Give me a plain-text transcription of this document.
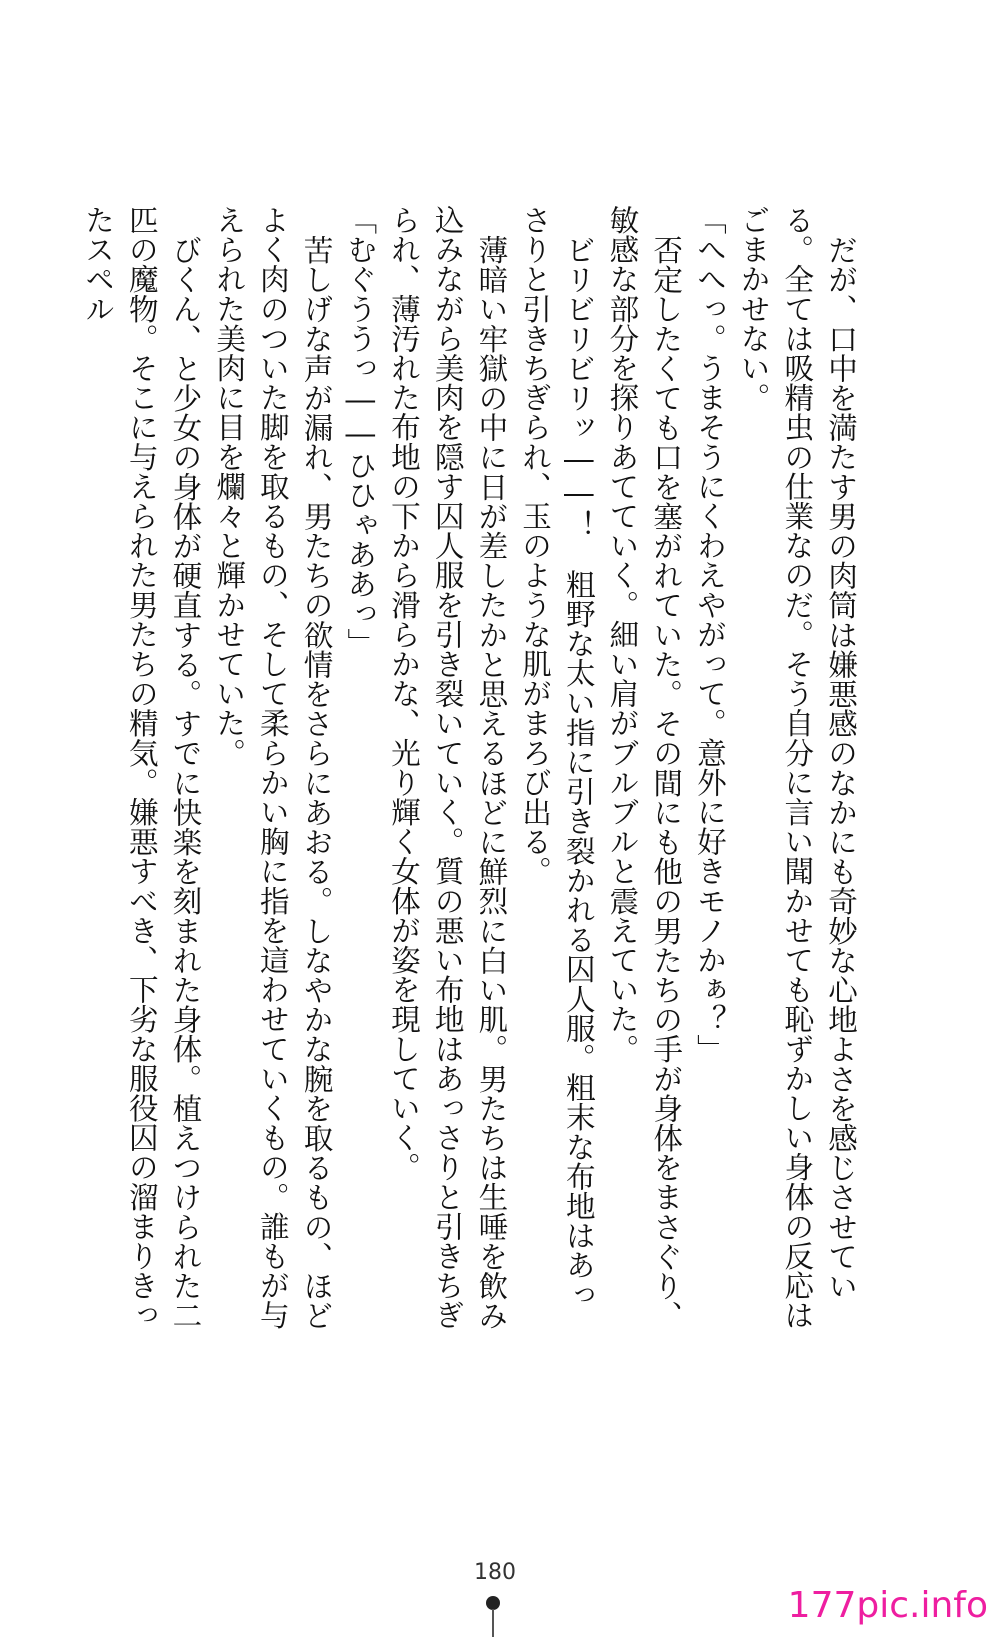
だが、口中を満たす男の肉筒は嫌悪感のなかにも奇妙な心地よさを感じさせている。全ては吸精虫の仕業なのだ。そう自分に言い聞かせても恥ずかしい身体の反応はごまかせない。

「へへっ。うまそうにくわえやがって。意外に好きモノかぁ？」

否定したくても口を塞がれていた。その間にも他の男たちの手が身体をまさぐり、敏感な部分を探りあてていく。細い肩がブルブルと震えていた。

ビリビリビリッ――！　粗野な太い指に引き裂かれる囚人服。粗末な布地はあっさりと引きちぎられ、玉のような肌がまろび出る。

薄暗い牢獄の中に日が差したかと思えるほどに鮮烈に白い肌。男たちは生唾を飲み込みながら美肉を隠す囚人服を引き裂いていく。質の悪い布地はあっさりと引きちぎられ、薄汚れた布地の下から滑らかな、光り輝く女体が姿を現していく。

「むぐううっ――ひひゃああっ」

苦しげな声が漏れ、男たちの欲情をさらにあおる。しなやかな腕を取るもの、ほどよく肉のついた脚を取るもの、そして柔らかい胸に指を這わせていくもの。誰もが与えられた美肉に目を爛々と輝かせていた。

びくん、と少女の身体が硬直する。すでに快楽を刻まれた身体。植えつけられた二匹の魔物。そこに与えられた男たちの精気。嫌悪すべき、下劣な服役囚の溜まりきったスペル

180
177pic.info
